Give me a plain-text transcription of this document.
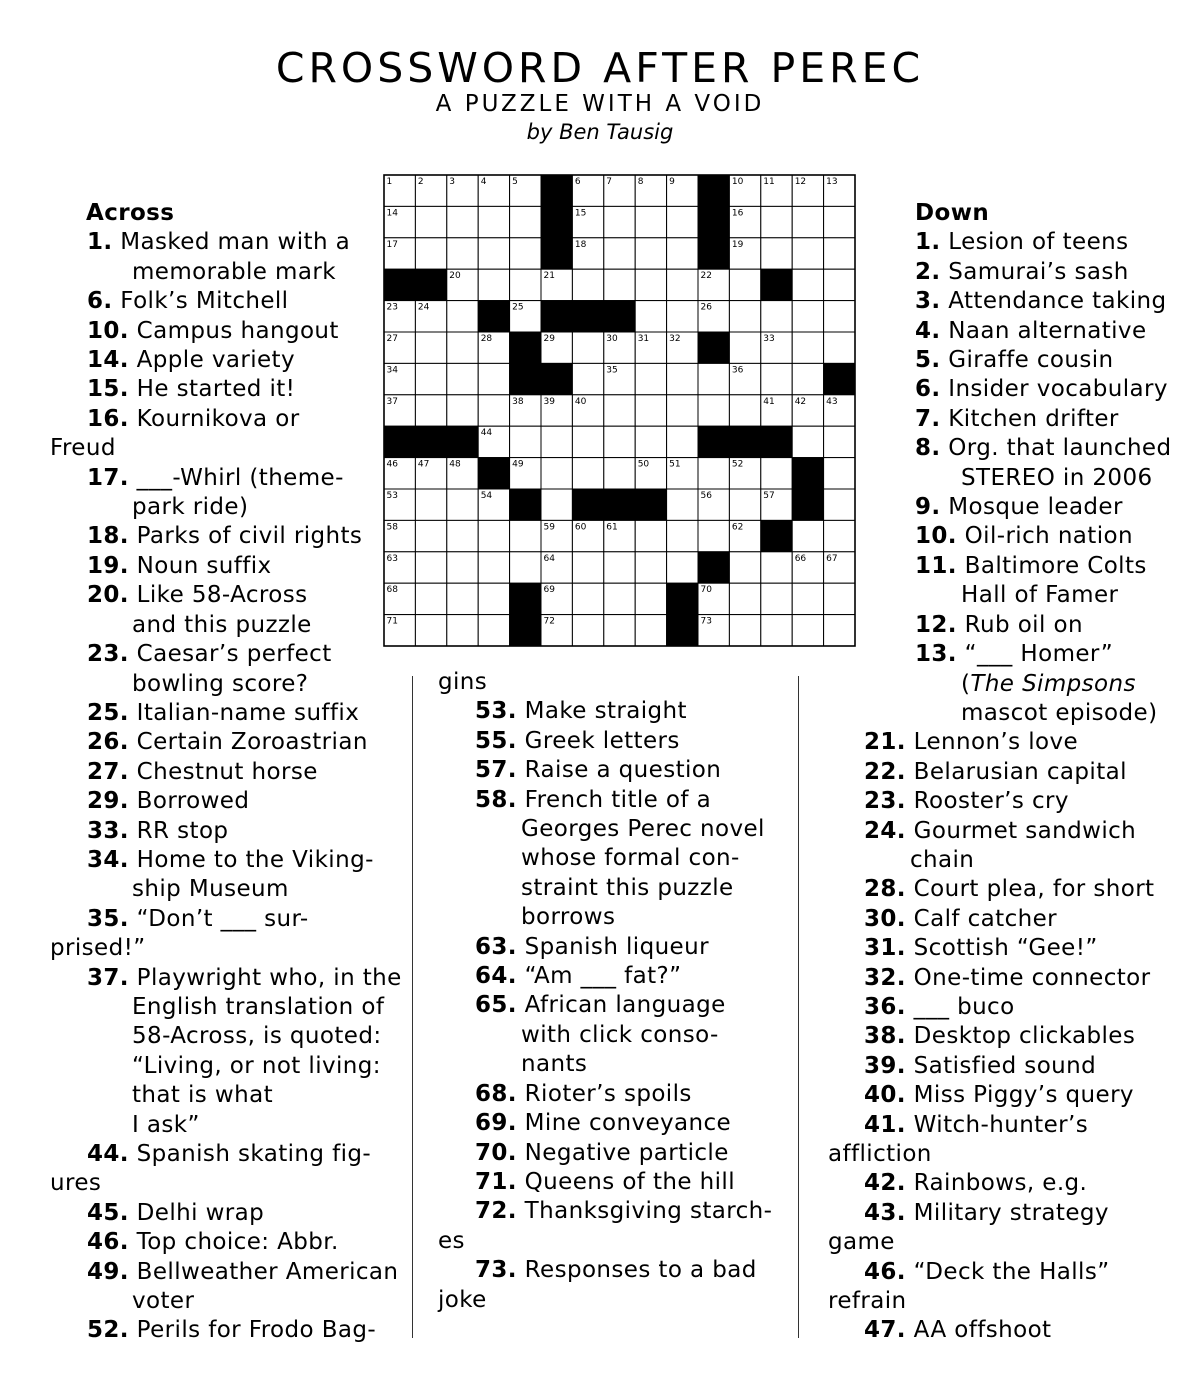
CROSSWORD AFTER PEREC
A PUZZLE WITH A VOID
by Ben Tausig
1	2	3	4	5	6	7	8	9	10 11 12 13
14	15	16
17	18	19
20	21	22
23 24	25	26
27	28	29	30 31 32	33
34	35	36
37	38 39 40	41 42 43
44
46 47 48	49	50 51	52
53	54	56	57
58	59 60 61	62
63	64	66 67
68	69	70
71	72	73
Across
1. Masked man with a
memorable mark
6. Folk’s Mitchell
10. Campus hangout
14. Apple variety
15. He started it!
16. Kournikova or
Freud
17. ___-Whirl (theme-
park ride)
18. Parks of civil rights
19. Noun suffix
20. Like 58-Across
and this puzzle
23. Caesar’s perfect
bowling score?
25. Italian-name suffix
26. Certain Zoroastrian
27. Chestnut horse
29. Borrowed
33. RR stop
34. Home to the Viking-
ship Museum
35. “Don’t ___ sur-
prised!”
37. Playwright who, in the
English translation of
58-Across, is quoted:
“Living, or not living:
that is what
I ask”
44. Spanish skating fig-
ures
45. Delhi wrap
46. Top choice: Abbr.
49. Bellweather American
voter
52. Perils for Frodo Bag-
gins
53. Make straight
55. Greek letters
57. Raise a question
58. French title of a
Georges Perec novel
whose formal con-
straint this puzzle
borrows
63. Spanish liqueur
64. “Am ___ fat?”
65. African language
with click conso-
nants
68. Rioter’s spoils
69. Mine conveyance
70. Negative particle
71. Queens of the hill
72. Thanksgiving starch-
es
73. Responses to a bad
joke
Down
1. Lesion of teens
2. Samurai’s sash
3. Attendance taking
4. Naan alternative
5. Giraffe cousin
6. Insider vocabulary
7. Kitchen drifter
8. Org. that launched
STEREO in 2006
9. Mosque leader
10. Oil-rich nation
11. Baltimore Colts
Hall of Famer
12. Rub oil on
13. “___ Homer”
(The Simpsons
mascot episode)
21. Lennon’s love
22. Belarusian capital
23. Rooster’s cry
24. Gourmet sandwich
chain
28. Court plea, for short
30. Calf catcher
31. Scottish “Gee!”
32. One-time connector
36. ___ buco
38. Desktop clickables
39. Satisfied sound
40. Miss Piggy’s query
41. Witch-hunter’s
affliction
42. Rainbows, e.g.
43. Military strategy
game
46. “Deck the Halls”
refrain
47. AA offshoot
